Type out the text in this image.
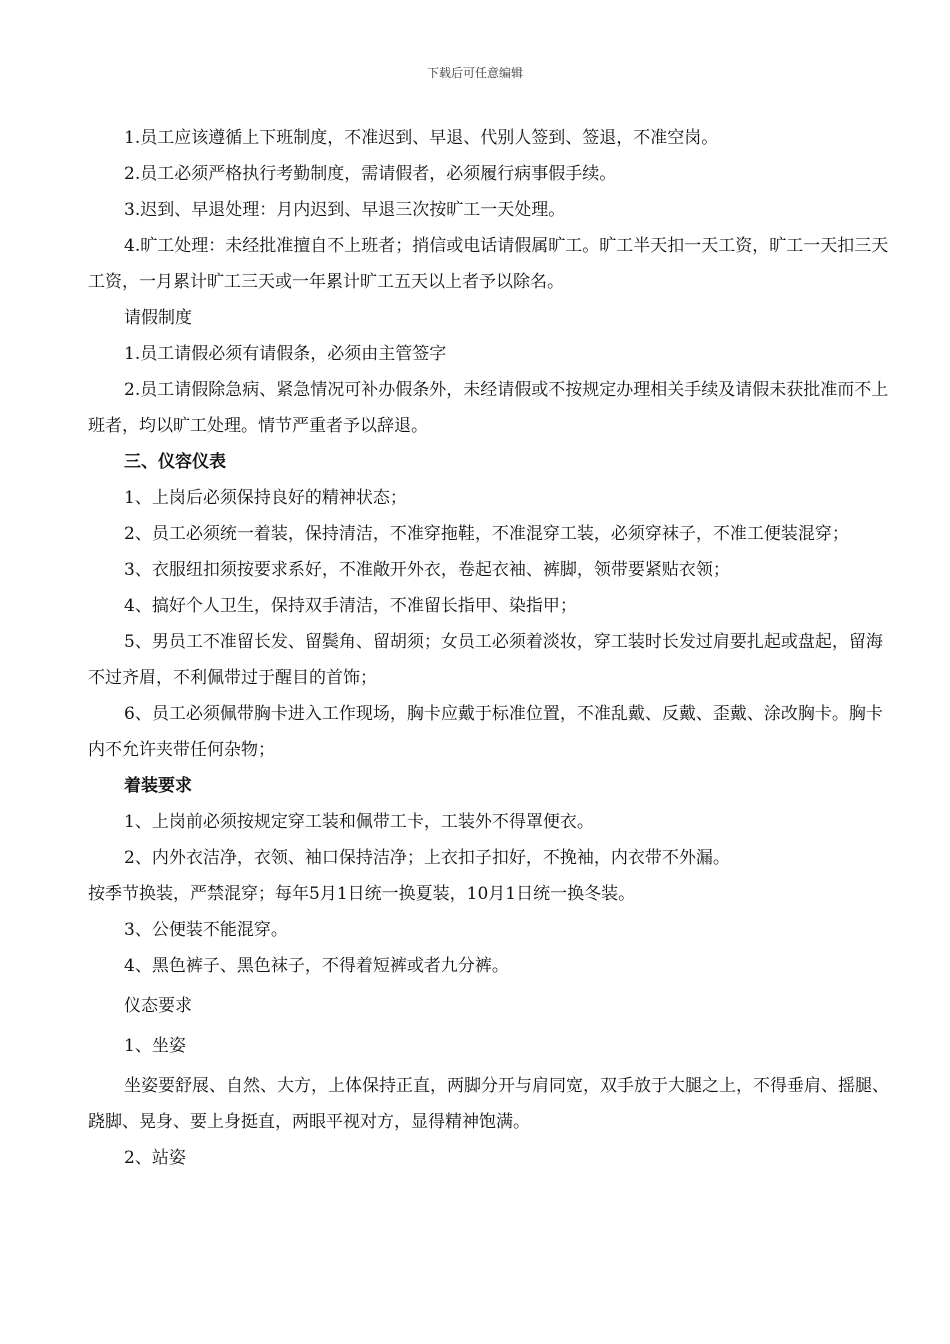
下载后可任意编辑

1.员工应该遵循上下班制度，不准迟到、早退、代别人签到、签退，不准空岗。

2.员工必须严格执行考勤制度，需请假者，必须履行病事假手续。

3.迟到、早退处理：月内迟到、早退三次按旷工一天处理。

4.旷工处理：未经批准擅自不上班者；捎信或电话请假属旷工。旷工半天扣一天工资，旷工一天扣三天工资，一月累计旷工三天或一年累计旷工五天以上者予以除名。

请假制度

1.员工请假必须有请假条，必须由主管签字

2.员工请假除急病、紧急情况可补办假条外，未经请假或不按规定办理相关手续及请假未获批准而不上班者，均以旷工处理。情节严重者予以辞退。

三、仪容仪表

1、上岗后必须保持良好的精神状态；

2、员工必须统一着装，保持清洁，不准穿拖鞋，不准混穿工装，必须穿袜子，不准工便装混穿；

3、衣服纽扣须按要求系好，不准敞开外衣，卷起衣袖、裤脚，领带要紧贴衣领；

4、搞好个人卫生，保持双手清洁，不准留长指甲、染指甲；

5、男员工不准留长发、留鬓角、留胡须；女员工必须着淡妆，穿工装时长发过肩要扎起或盘起，留海不过齐眉，不利佩带过于醒目的首饰；

6、员工必须佩带胸卡进入工作现场，胸卡应戴于标准位置，不准乱戴、反戴、歪戴、涂改胸卡。胸卡内不允许夹带任何杂物；

着装要求

1、上岗前必须按规定穿工装和佩带工卡，工装外不得罩便衣。

2、内外衣洁净，衣领、袖口保持洁净；上衣扣子扣好，不挽袖，内衣带不外漏。

按季节换装，严禁混穿；每年5月1日统一换夏装，10月1日统一换冬装。

3、公便装不能混穿。

4、黑色裤子、黑色袜子，不得着短裤或者九分裤。

仪态要求

1、坐姿

坐姿要舒展、自然、大方，上体保持正直，两脚分开与肩同宽，双手放于大腿之上，不得垂肩、摇腿、跷脚、晃身、要上身挺直，两眼平视对方，显得精神饱满。

2、站姿
